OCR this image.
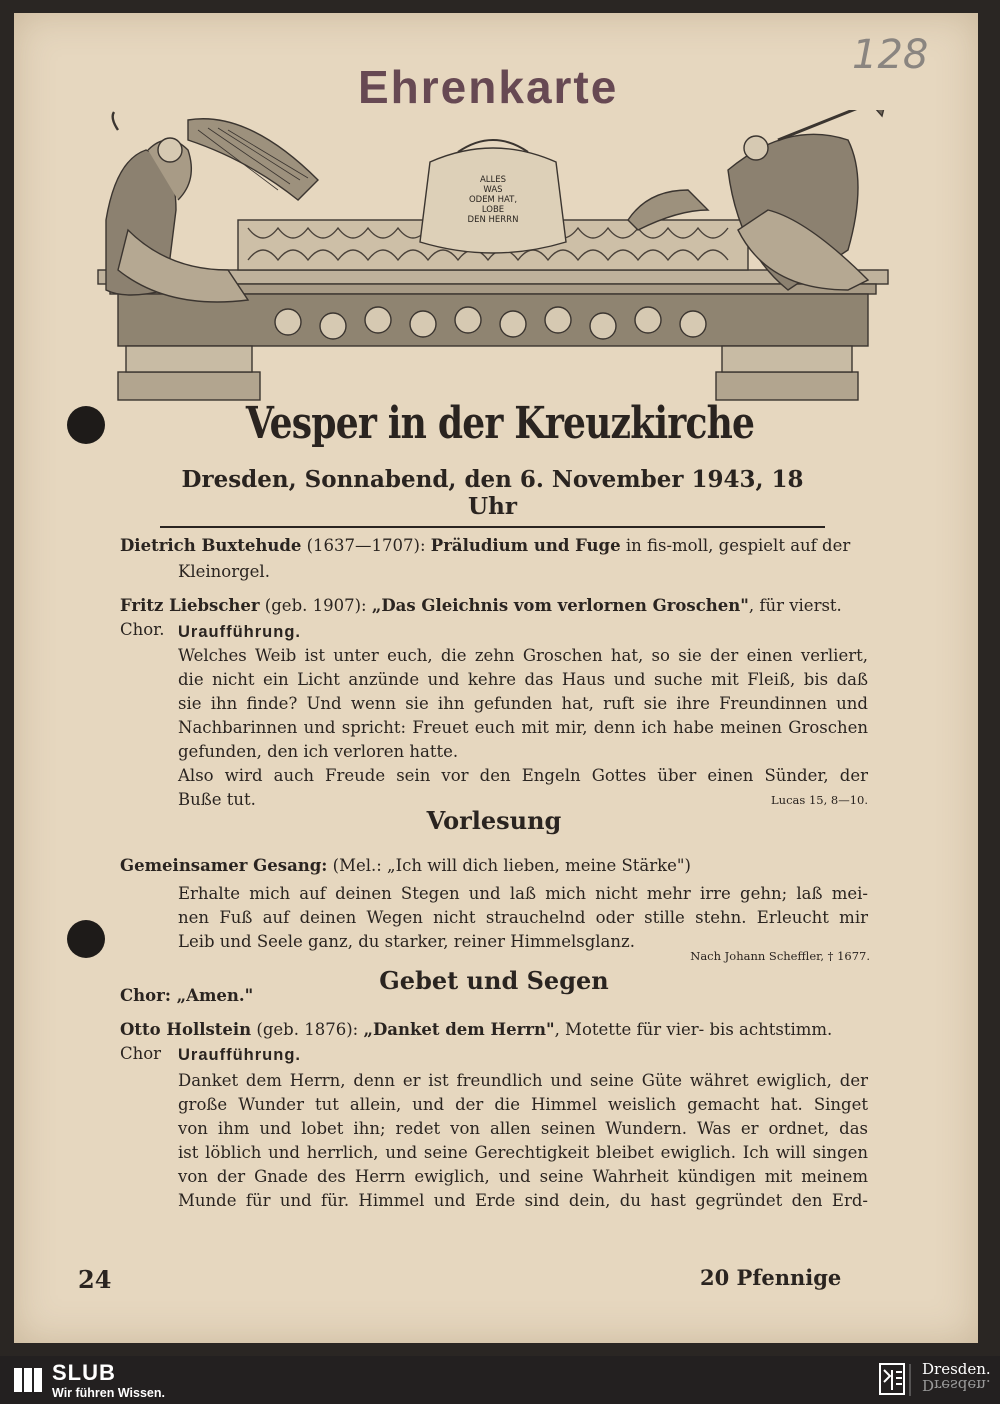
Ehrenkarte
128
ALLES
WAS
ODEM HAT,
LOBE
DEN HERRN
Vesper in der Kreuzkirche
Dresden, Sonnabend, den 6. November 1943, 18 Uhr
Dietrich Buxtehude (1637—1707): Präludium und Fuge in fis-moll, gespielt auf der
Kleinorgel.
Fritz Liebscher (geb. 1907): „Das Gleichnis vom verlornen Groschen", für vierst. Chor. Uraufführung.
Welches Weib ist unter euch, die zehn Groschen hat, so sie der einen verliert,
die nicht ein Licht anzünde und kehre das Haus und suche mit Fleiß, bis daß
sie ihn finde? Und wenn sie ihn gefunden hat, ruft sie ihre Freundinnen und
Nachbarinnen und spricht: Freuet euch mit mir, denn ich habe meinen Groschen
gefunden, den ich verloren hatte.
Also wird auch Freude sein vor den Engeln Gottes über einen Sünder, der
Buße tut.	Lucas 15, 8—10.
Vorlesung
Gemeinsamer Gesang: (Mel.: „Ich will dich lieben, meine Stärke")
Erhalte mich auf deinen Stegen und laß mich nicht mehr irre gehn; laß mei-
nen Fuß auf deinen Wegen nicht strauchelnd oder stille stehn. Erleucht mir
Leib und Seele ganz, du starker, reiner Himmelsglanz.
Nach Johann Scheffler, † 1677.
Chor: „Amen."
Gebet und Segen
Otto Hollstein (geb. 1876): „Danket dem Herrn", Motette für vier- bis achtstimm. Chor	Uraufführung.
Danket dem Herrn, denn er ist freundlich und seine Güte währet ewiglich, der
große Wunder tut allein, und der die Himmel weislich gemacht hat. Singet
von ihm und lobet ihn; redet von allen seinen Wundern. Was er ordnet, das
ist löblich und herrlich, und seine Gerechtigkeit bleibet ewiglich. Ich will singen
von der Gnade des Herrn ewiglich, und seine Wahrheit kündigen mit meinem
Munde für und für. Himmel und Erde sind dein, du hast gegründet den Erd-
24	20 Pfennige
SLUB
Wir führen Wissen.
Dresden.
Dresden.
